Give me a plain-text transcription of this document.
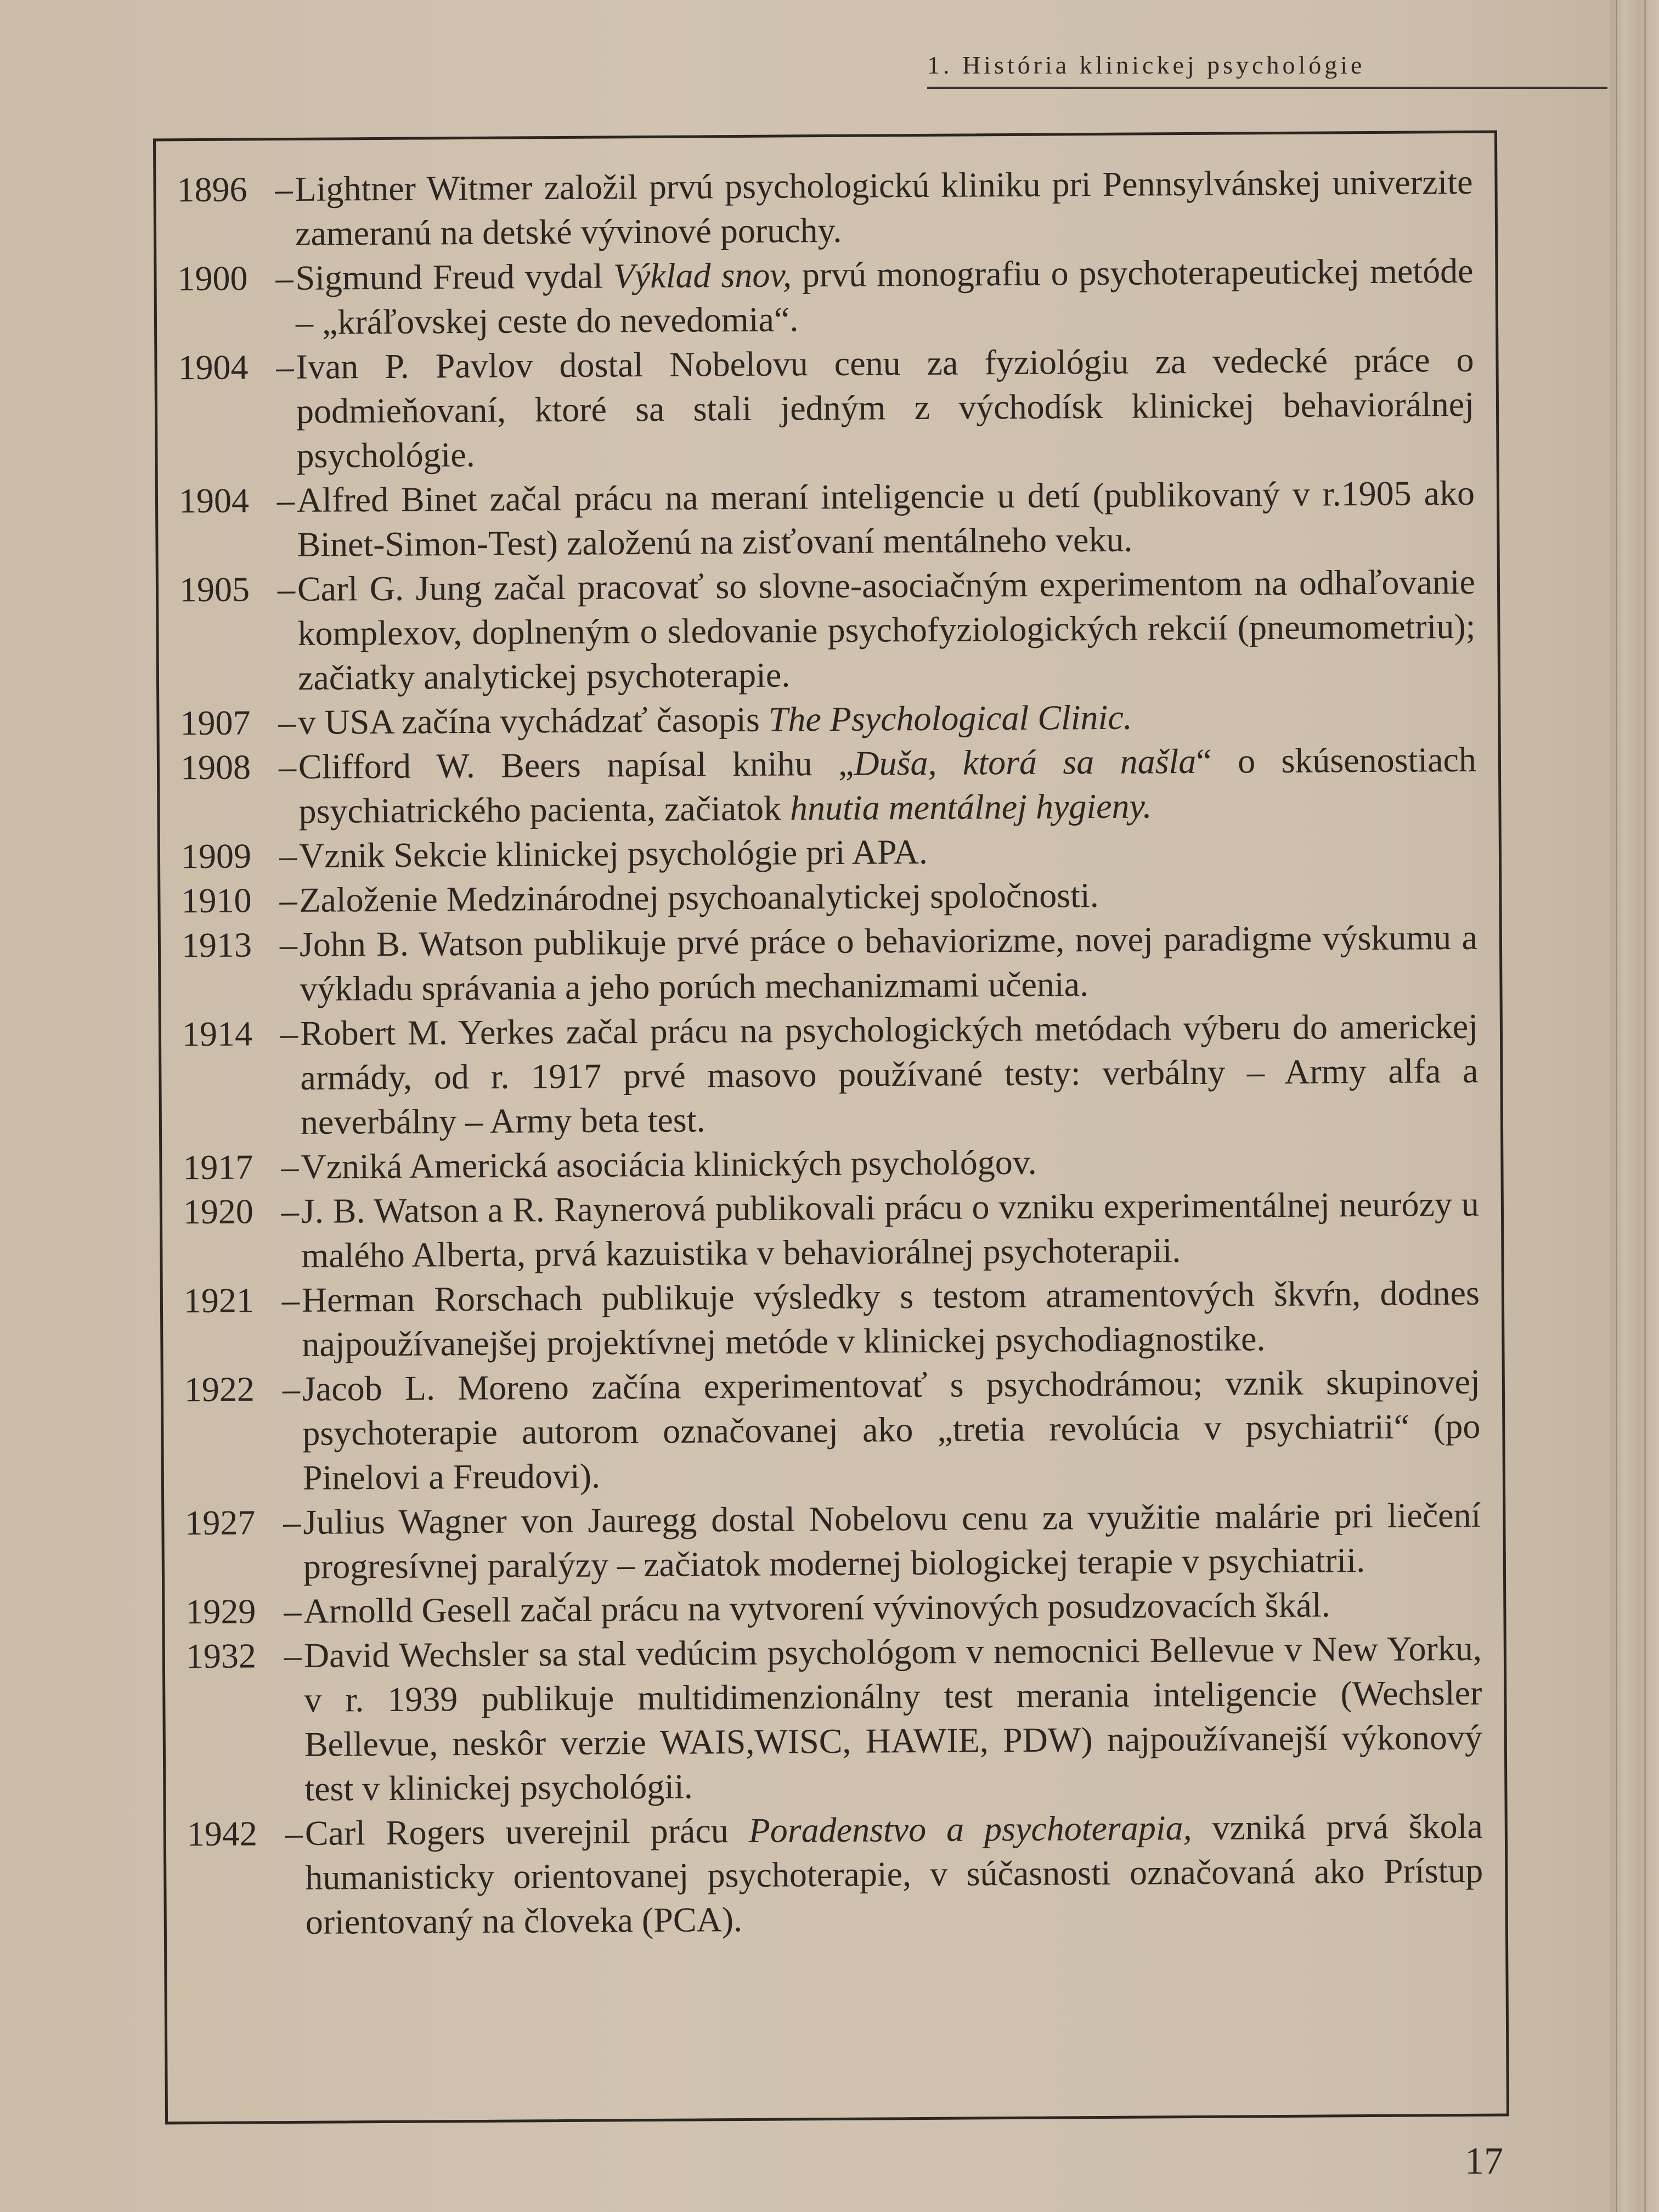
1. História klinickej psychológie
1896 – Lightner Witmer založil prvú psychologickú kliniku pri Pennsylvánskej univerzite zameranú na detské vývinové poruchy.
1900 – Sigmund Freud vydal Výklad snov, prvú monografiu o psychoterapeutickej metóde – „kráľovskej ceste do nevedomia“.
1904 – Ivan P. Pavlov dostal Nobelovu cenu za fyziológiu za vedecké práce o podmieňovaní, ktoré sa stali jedným z východísk klinickej behaviorálnej psychológie.
1904 – Alfred Binet začal prácu na meraní inteligencie u detí (publikovaný v r.1905 ako Binet-Simon-Test) založenú na zisťovaní mentálneho veku.
1905 – Carl G. Jung začal pracovať so slovne-asociačným experimentom na odhaľovanie komplexov, doplneným o sledovanie psychofyziologických rekcií (pneumometriu); začiatky analytickej psychoterapie.
1907 – v USA začína vychádzať časopis The Psychological Clinic.
1908 – Clifford W. Beers napísal knihu „Duša, ktorá sa našla“ o skúsenostiach psychiatrického pacienta, začiatok hnutia mentálnej hygieny.
1909 – Vznik Sekcie klinickej psychológie pri APA.
1910 – Založenie Medzinárodnej psychoanalytickej spoločnosti.
1913 – John B. Watson publikuje prvé práce o behaviorizme, novej paradigme výskumu a výkladu správania a jeho porúch mechanizmami učenia.
1914 – Robert M. Yerkes začal prácu na psychologických metódach výberu do americkej armády, od r. 1917 prvé masovo používané testy: verbálny – Army alfa a neverbálny – Army beta test.
1917 – Vzniká Americká asociácia klinických psychológov.
1920 – J. B. Watson a R. Raynerová publikovali prácu o vzniku experimentálnej neurózy u malého Alberta, prvá kazuistika v behaviorálnej psychoterapii.
1921 – Herman Rorschach publikuje výsledky s testom atramentových škvŕn, dodnes najpoužívanejšej projektívnej metóde v klinickej psychodiagnostike.
1922 – Jacob L. Moreno začína experimentovať s psychodrámou; vznik skupinovej psychoterapie autorom označovanej ako „tretia revolúcia v psychiatrii“ (po Pinelovi a Freudovi).
1927 – Julius Wagner von Jauregg dostal Nobelovu cenu za využitie malárie pri liečení progresívnej paralýzy – začiatok modernej biologickej terapie v psychiatrii.
1929 – Arnolld Gesell začal prácu na vytvorení vývinových posudzovacích škál.
1932 – David Wechsler sa stal vedúcim psychológom v nemocnici Bellevue v New Yorku, v r. 1939 publikuje multidimenzionálny test merania inteligencie (Wechsler Bellevue, neskôr verzie WAIS,WISC, HAWIE, PDW) najpoužívanejší výkonový test v klinickej psychológii.
1942 – Carl Rogers uverejnil prácu Poradenstvo a psychoterapia, vzniká prvá škola humanisticky orientovanej psychoterapie, v súčasnosti označovaná ako Prístup orientovaný na človeka (PCA).
17
